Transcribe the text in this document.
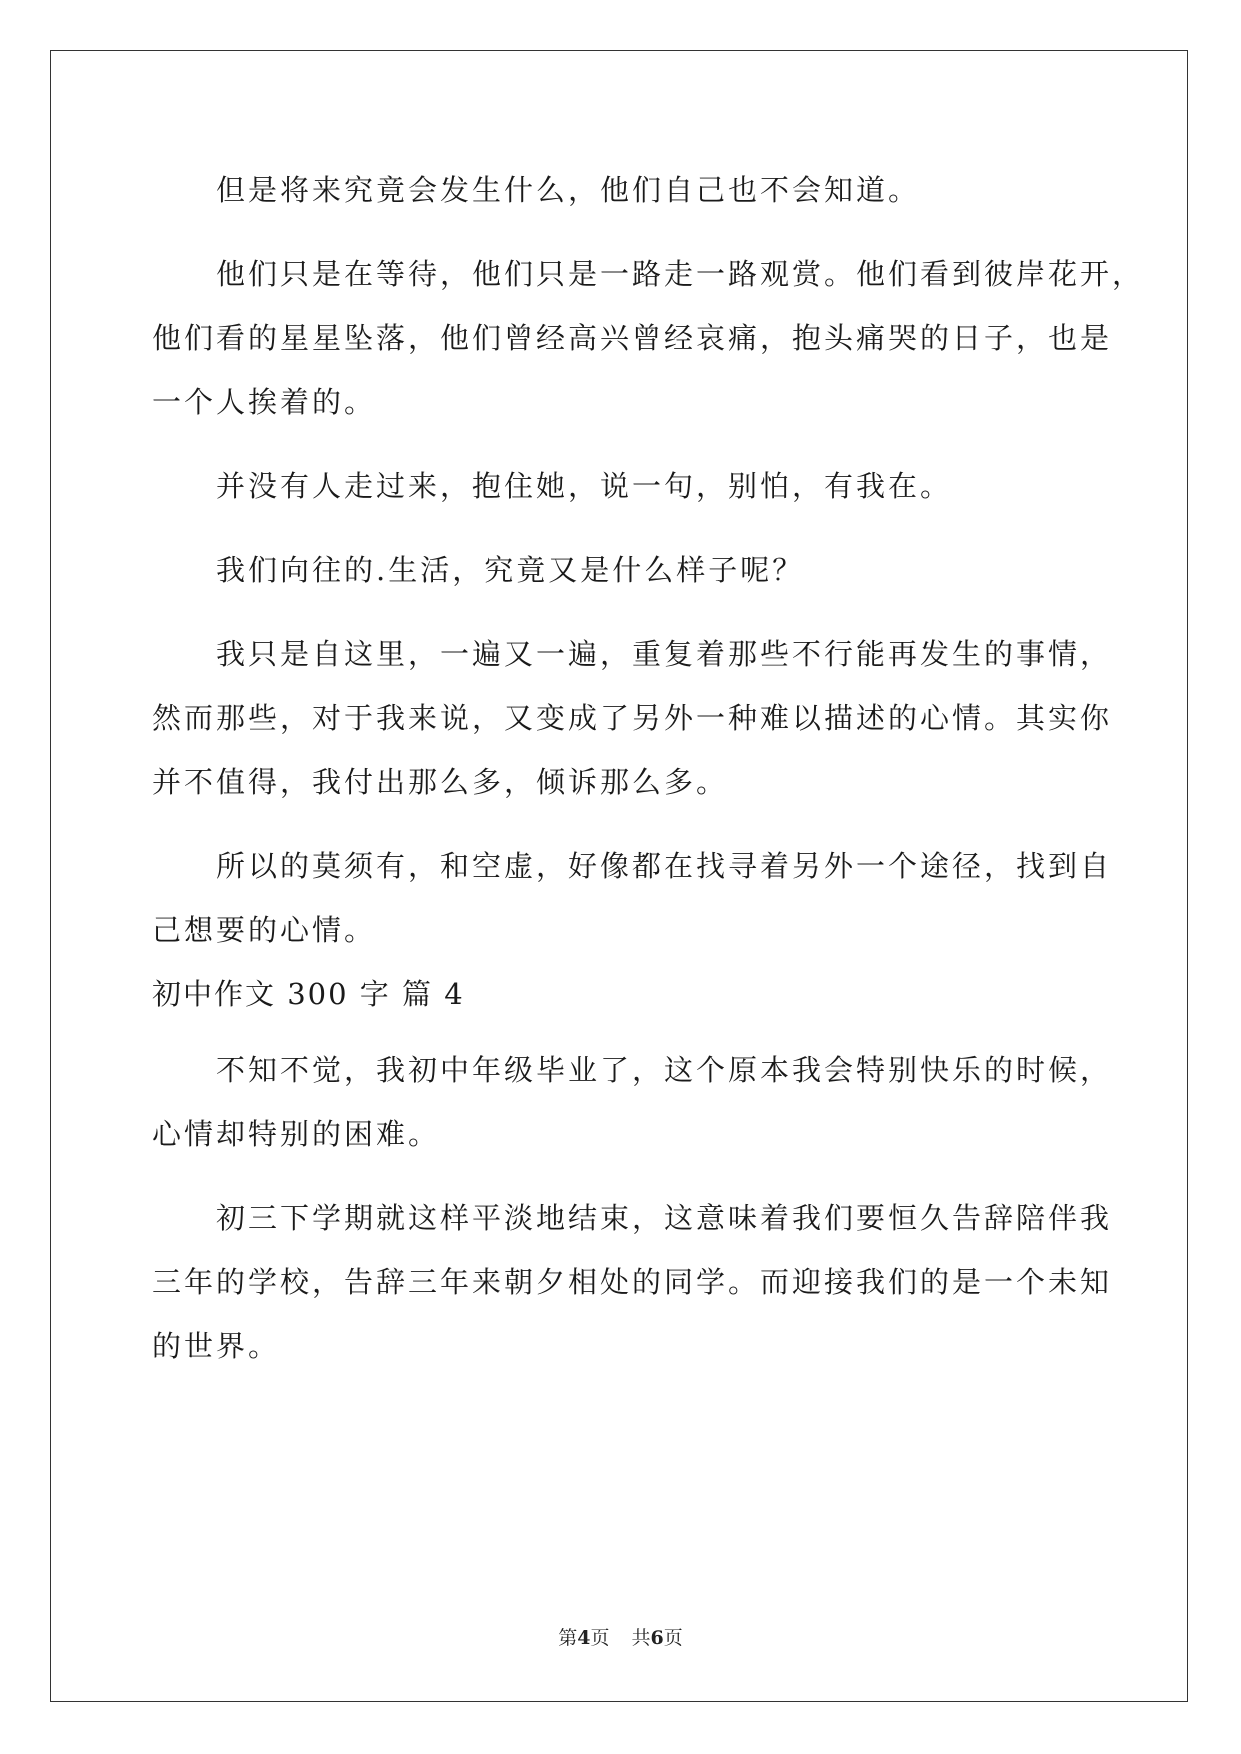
但是将来究竟会发生什么，他们自己也不会知道。

他们只是在等待，他们只是一路走一路观赏。他们看到彼岸花开，
他们看的星星坠落，他们曾经高兴曾经哀痛，抱头痛哭的日子，也是
一个人挨着的。

并没有人走过来，抱住她，说一句，别怕，有我在。

我们向往的.生活，究竟又是什么样子呢？

我只是自这里，一遍又一遍，重复着那些不行能再发生的事情，
然而那些，对于我来说，又变成了另外一种难以描述的心情。其实你
并不值得，我付出那么多，倾诉那么多。

所以的莫须有，和空虚，好像都在找寻着另外一个途径，找到自
己想要的心情。

初中作文 300 字 篇 4

不知不觉，我初中年级毕业了，这个原本我会特别快乐的时候，
心情却特别的困难。

初三下学期就这样平淡地结束，这意味着我们要恒久告辞陪伴我
三年的学校，告辞三年来朝夕相处的同学。而迎接我们的是一个未知
的世界。

第4页 共6页
